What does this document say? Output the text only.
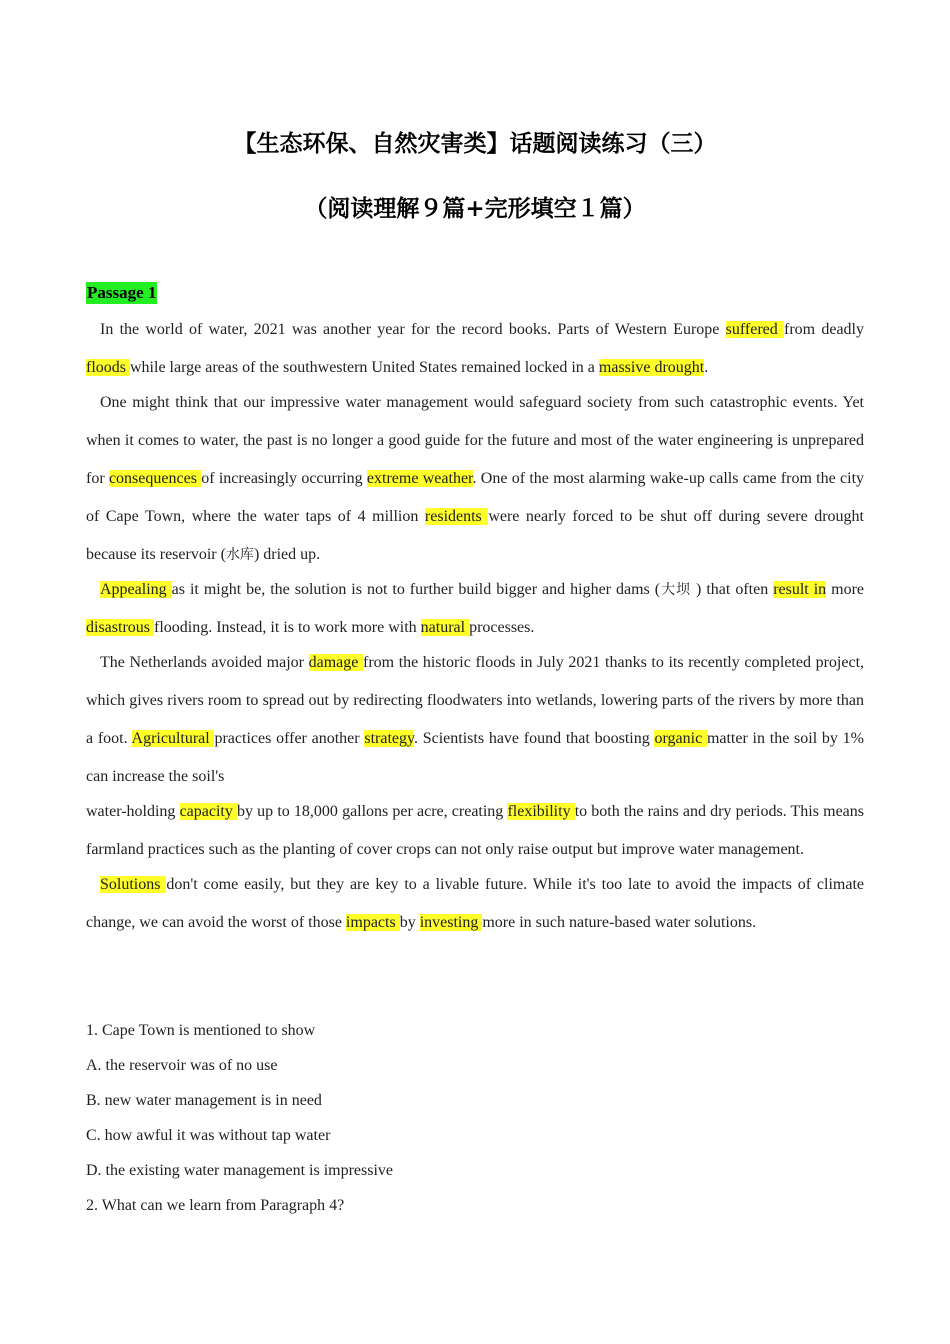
【生态环保、自然灾害类】话题阅读练习（三）
（阅读理解９篇+完形填空１篇）
Passage 1

In the world of water, 2021 was another year for the record books. Parts of Western Europe suffered from deadly floods while large areas of the southwestern United States remained locked in a massive drought.

One might think that our impressive water management would safeguard society from such catastrophic events. Yet when it comes to water, the past is no longer a good guide for the future and most of the water engineering is unprepared for consequences of increasingly occurring extreme weather. One of the most alarming wake-up calls came from the city of Cape Town, where the water taps of 4 million residents were nearly forced to be shut off during severe drought because its reservoir (水库) dried up.

Appealing as it might be, the solution is not to further build bigger and higher dams (大坝 ) that often result in more disastrous flooding. Instead, it is to work more with natural processes.

The Netherlands avoided major damage from the historic floods in July 2021 thanks to its recently completed project, which gives rivers room to spread out by redirecting floodwaters into wetlands, lowering parts of the rivers by more than a foot. Agricultural practices offer another strategy. Scientists have found that boosting organic matter in the soil by 1% can increase the soil's

water-holding capacity by up to 18,000 gallons per acre, creating flexibility to both the rains and dry periods. This means farmland practices such as the planting of cover crops can not only raise output but improve water management.

Solutions don't come easily, but they are key to a livable future. While it's too late to avoid the impacts of climate change, we can avoid the worst of those impacts by investing more in such nature-based water solutions.

1. Cape Town is mentioned to show
A. the reservoir was of no use
B. new water management is in need
C. how awful it was without tap water
D. the existing water management is impressive
2. What can we learn from Paragraph 4?
